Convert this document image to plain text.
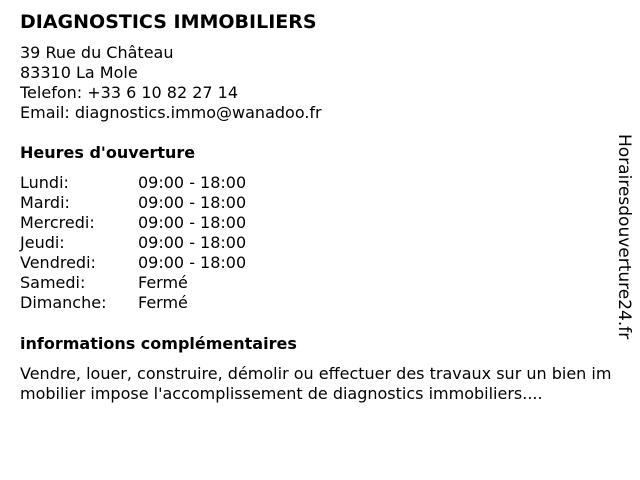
DIAGNOSTICS IMMOBILIERS
39 Rue du Château
83310 La Mole
Telefon: +33 6 10 82 27 14
Email: diagnostics.immo@wanadoo.fr
Heures d'ouverture
Lundi:	09:00 - 18:00
Mardi:	09:00 - 18:00
Mercredi:	09:00 - 18:00
Jeudi:	09:00 - 18:00
Vendredi:	09:00 - 18:00
Samedi:	Fermé
Dimanche:	Fermé
informations complémentaires
Vendre, louer, construire, démolir ou effectuer des travaux sur un bien immobilier impose l'accomplissement de diagnostics immobiliers....
Horairesdouverture24.fr
